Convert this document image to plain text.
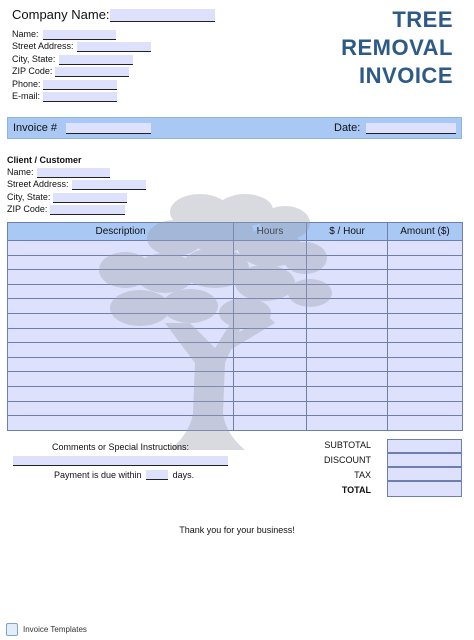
Company Name:
Name:
Street Address:
City, State:
ZIP Code:
Phone:
E-mail:
TREE
REMOVAL
INVOICE
Invoice #	Date:
Client / Customer
Name:
Street Address:
City, State:
ZIP Code:
Description	Hours	$ / Hour	Amount ($)

Comments or Special Instructions:
Payment is due within	days.
SUBTOTAL
DISCOUNT
TAX
TOTAL
Thank you for your business!
Invoice Templates
